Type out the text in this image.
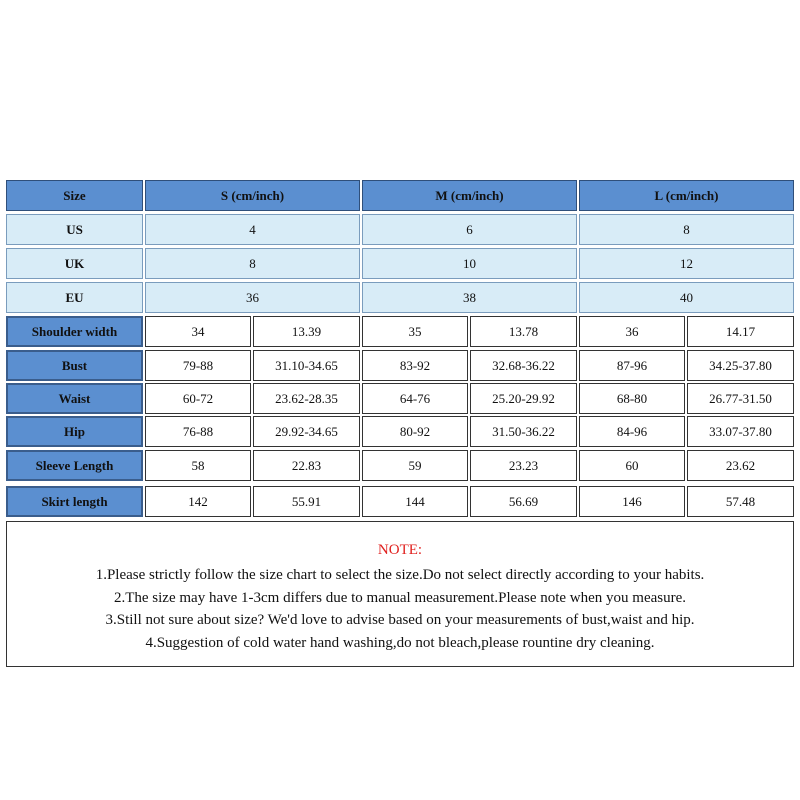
Size	S (cm/inch)	M (cm/inch)	L (cm/inch)
US	4	6	8
UK	8	10	12
EU	36	38	40
Shoulder width	34	13.39	35	13.78	36	14.17
Bust	79-88	31.10-34.65	83-92	32.68-36.22	87-96	34.25-37.80
Waist	60-72	23.62-28.35	64-76	25.20-29.92	68-80	26.77-31.50
Hip	76-88	29.92-34.65	80-92	31.50-36.22	84-96	33.07-37.80
Sleeve Length	58	22.83	59	23.23	60	23.62
Skirt length	142	55.91	144	56.69	146	57.48
NOTE:
1.Please strictly follow the size chart to select the size.Do not select directly according to your habits.
2.The size may have 1-3cm differs due to manual measurement.Please note when you measure.
3.Still not sure about size? We'd love to advise based on your measurements of bust,waist and hip.
4.Suggestion of cold water hand washing,do not bleach,please rountine dry cleaning.
